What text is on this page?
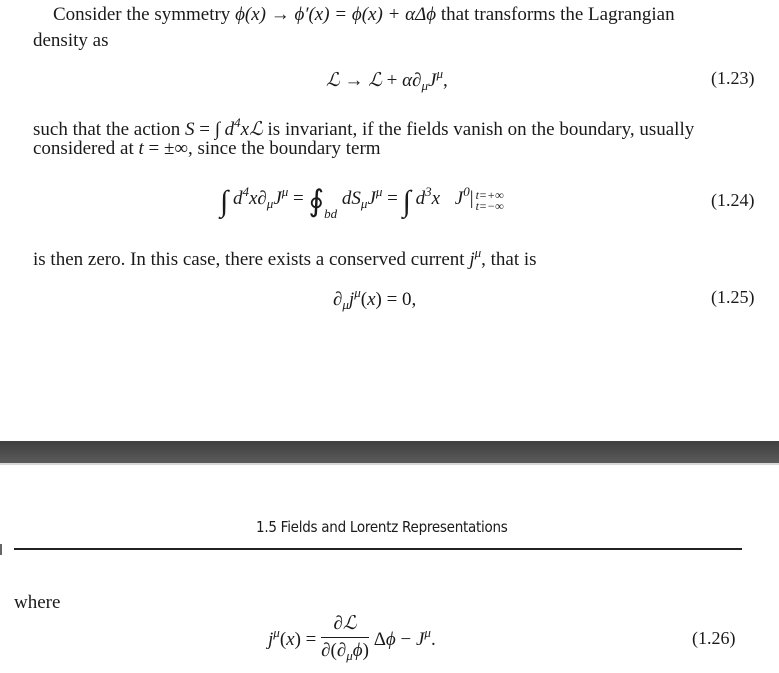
Consider the symmetry ϕ(x) → ϕ′(x) = ϕ(x) + αΔϕ that transforms the Lagrangian
density as
ℒ → ℒ + $\alpha\partial_\mu J^\mu$,	(1.23)
such that the action S = ∫ $d^4xℒ$ is invariant, if the fields vanish on the boundary, usually
considered at t = ±∞, since the boundary term
∫ $d^4x\partial_\mu J^\mu$ = $∮_{bd}$ $dS_\mu J^\mu$ = ∫ $d^3x⃗J^0|$ t=+∞
t=−∞	(1.24)
is then zero. In this case, there exists a conserved current $j^\mu$, that is
$\partial_\mu j^\mu(x) = 0$,	(1.25)
1.5 Fields and Lorentz Representations
where
$j^\mu(x) = \frac{\text{∂ℒ}}{\partial(\partial_\mu\phi)}$ $\Delta\phi - J^\mu$.	(1.26)
